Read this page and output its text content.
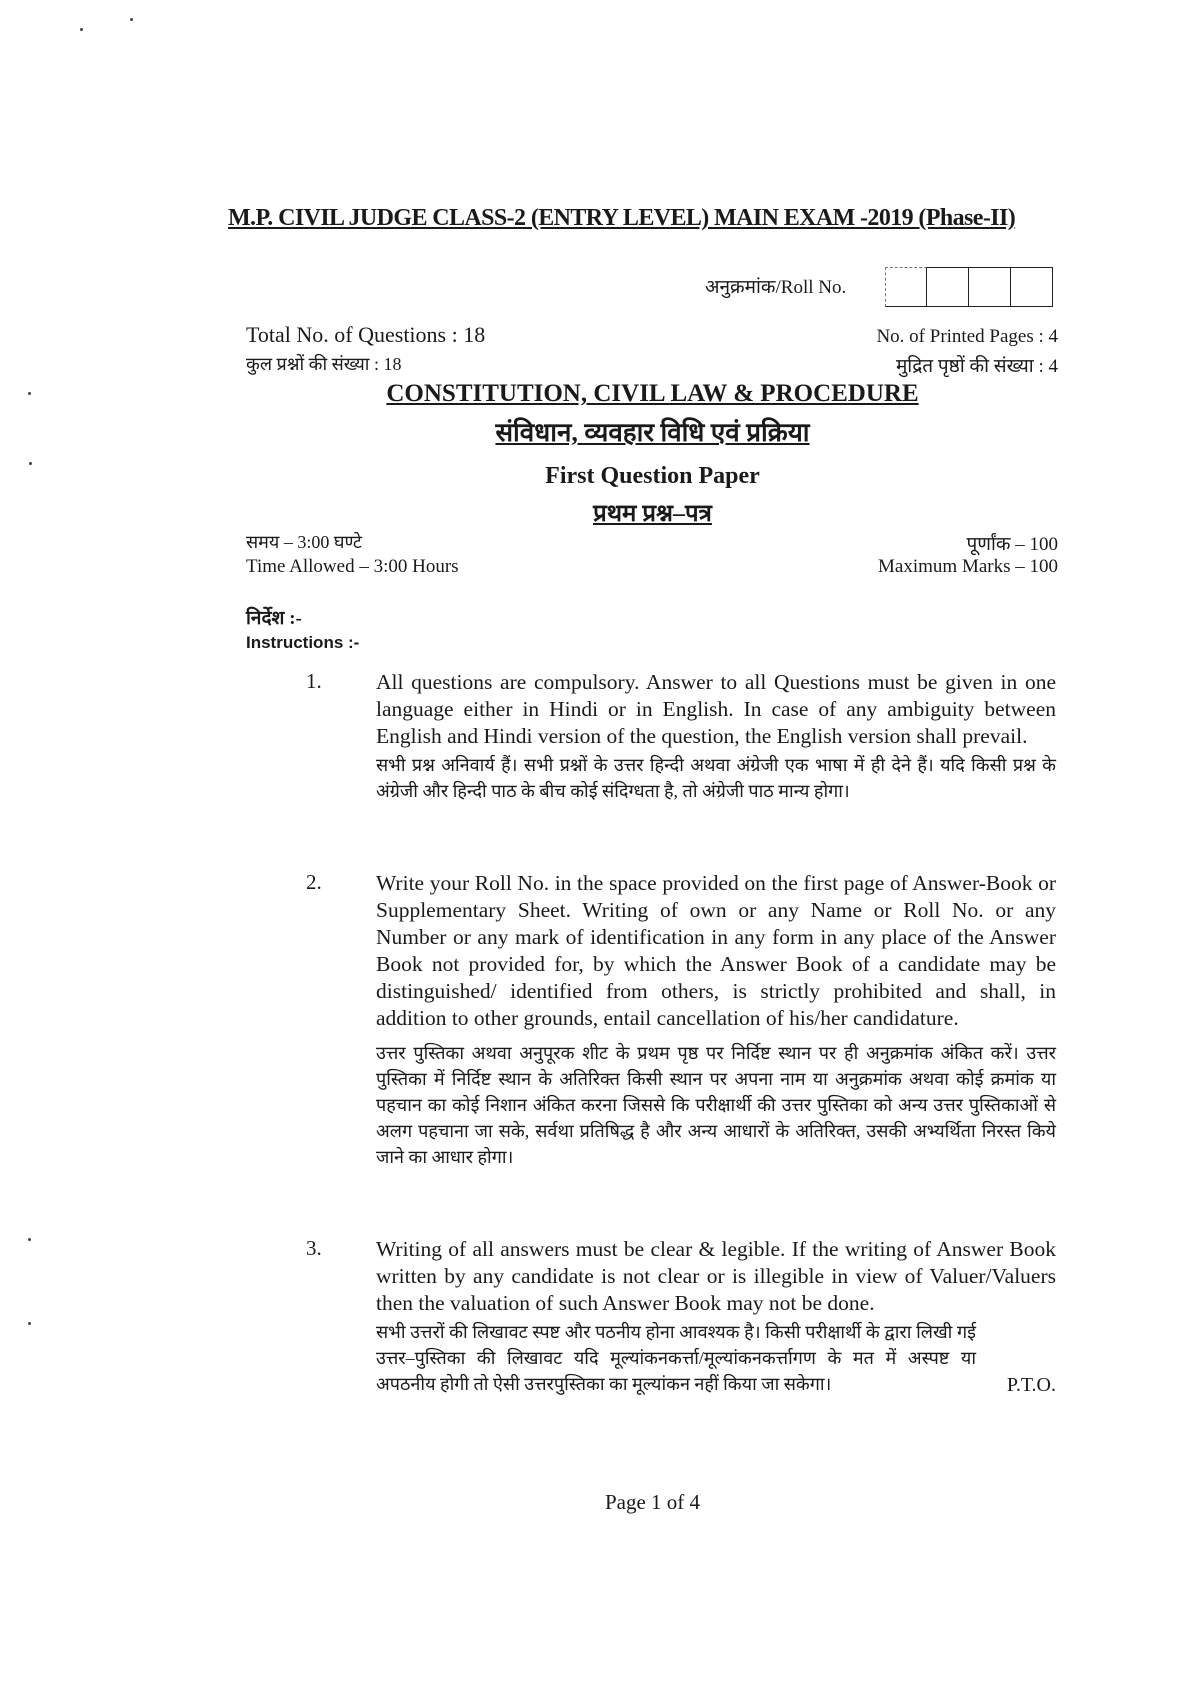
M.P. CIVIL JUDGE CLASS-2 (ENTRY LEVEL) MAIN EXAM -2019 (Phase-II)
अनुक्रमांक/Roll No.
Total No. of Questions : 18
कुल प्रश्नों की संख्या : 18
No. of Printed Pages : 4
मुद्रित पृष्ठों की संख्या : 4
CONSTITUTION, CIVIL LAW & PROCEDURE
संविधान, व्यवहार विधि एवं प्रक्रिया
First Question Paper
प्रथम प्रश्न–पत्र
समय – 3:00 घण्टे
Time Allowed – 3:00 Hours
पूर्णांक – 100
Maximum Marks – 100
निर्देश :-
Instructions :-
1.	All questions are compulsory. Answer to all Questions must be given in one language either in Hindi or in English. In case of any ambiguity between English and Hindi version of the question, the English version shall prevail.
सभी प्रश्न अनिवार्य हैं। सभी प्रश्नों के उत्तर हिन्दी अथवा अंग्रेजी एक भाषा में ही देने हैं। यदि किसी प्रश्न के अंग्रेजी और हिन्दी पाठ के बीच कोई संदिग्धता है, तो अंग्रेजी पाठ मान्य होगा।
2.	Write your Roll No. in the space provided on the first page of Answer-Book or Supplementary Sheet. Writing of own or any Name or Roll No. or any Number or any mark of identification in any form in any place of the Answer Book not provided for, by which the Answer Book of a candidate may be distinguished/ identified from others, is strictly prohibited and shall, in addition to other grounds, entail cancellation of his/her candidature.
उत्तर पुस्तिका अथवा अनुपूरक शीट के प्रथम पृष्ठ पर निर्दिष्ट स्थान पर ही अनुक्रमांक अंकित करें। उत्तर पुस्तिका में निर्दिष्ट स्थान के अतिरिक्त किसी स्थान पर अपना नाम या अनुक्रमांक अथवा कोई क्रमांक या पहचान का कोई निशान अंकित करना जिससे कि परीक्षार्थी की उत्तर पुस्तिका को अन्य उत्तर पुस्तिकाओं से अलग पहचाना जा सके, सर्वथा प्रतिषिद्ध है और अन्य आधारों के अतिरिक्त, उसकी अभ्यर्थिता निरस्त किये जाने का आधार होगा।
3.	Writing of all answers must be clear & legible. If the writing of Answer Book written by any candidate is not clear or is illegible in view of Valuer/Valuers then the valuation of such Answer Book may not be done.
सभी उत्तरों की लिखावट स्पष्ट और पठनीय होना आवश्यक है। किसी परीक्षार्थी के द्वारा लिखी गई उत्तर–पुस्तिका की लिखावट यदि मूल्यांकनकर्त्ता/मूल्यांकनकर्त्तागण के मत में अस्पष्ट या अपठनीय होगी तो ऐसी उत्तरपुस्तिका का मूल्यांकन नहीं किया जा सकेगा।	P.T.O.
Page 1 of 4
